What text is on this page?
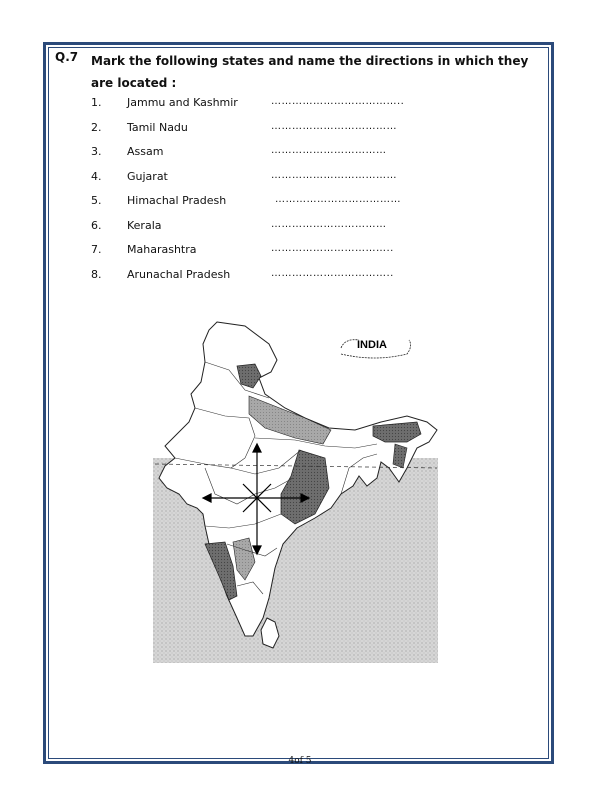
Q.7 Mark the following states and name the directions in which they are located :
1.	Jammu and Kashmir	………………………………..
2.	Tamil Nadu	………………………………
3.	Assam	……………………………
4.	Gujarat	………………………………
5.	Himachal Pradesh	………………………………
6.	Kerala	……………………………
7.	Maharashtra	……………………………..
8.	Arunachal Pradesh	……………………………..
INDIA
4of 5
